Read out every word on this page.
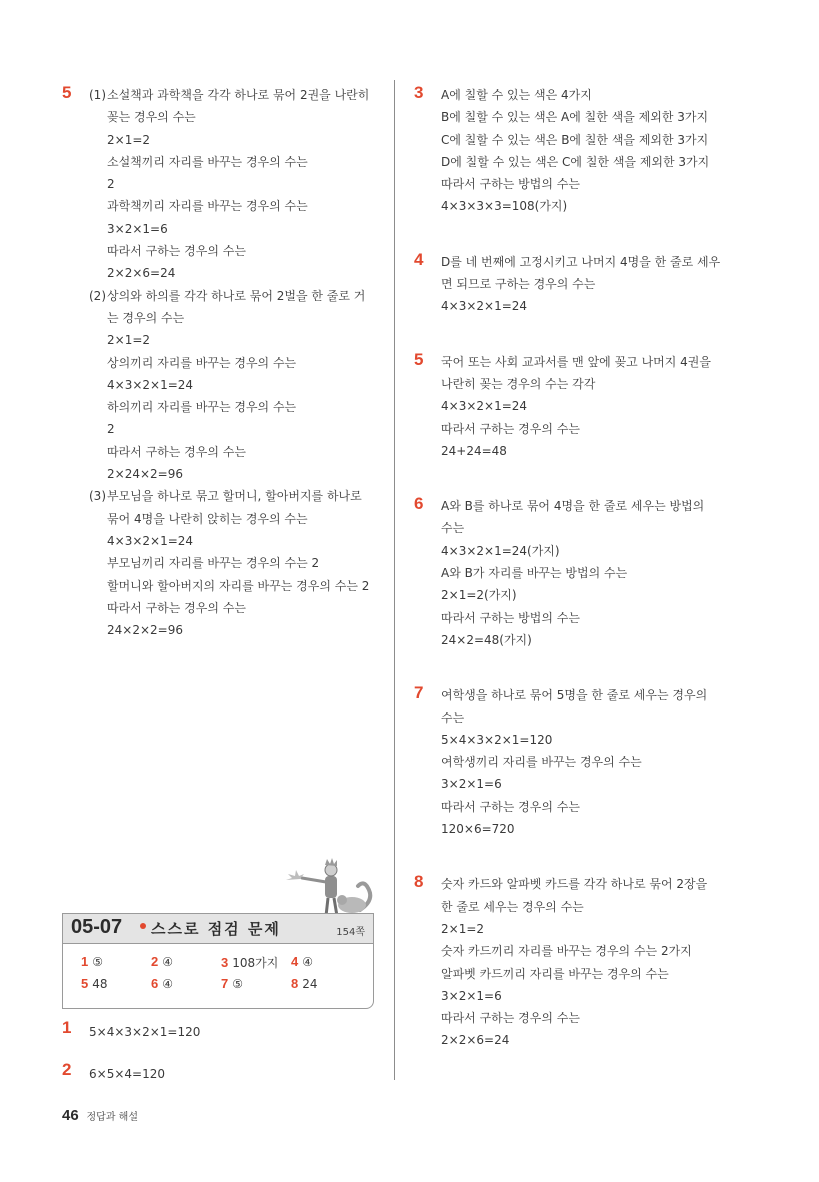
5 (1) 소설책과 과학책을 각각 하나로 묶어 2권을 나란히
꽂는 경우의 수는
2×1=2
소설책끼리 자리를 바꾸는 경우의 수는
2
과학책끼리 자리를 바꾸는 경우의 수는
3×2×1=6
따라서 구하는 경우의 수는
2×2×6=24
(2) 상의와 하의를 각각 하나로 묶어 2벌을 한 줄로 거
는 경우의 수는
2×1=2
상의끼리 자리를 바꾸는 경우의 수는
4×3×2×1=24
하의끼리 자리를 바꾸는 경우의 수는
2
따라서 구하는 경우의 수는
2×24×2=96
(3) 부모님을 하나로 묶고 할머니, 할아버지를 하나로
묶어 4명을 나란히 앉히는 경우의 수는
4×3×2×1=24
부모님끼리 자리를 바꾸는 경우의 수는 2
할머니와 할아버지의 자리를 바꾸는 경우의 수는 2
따라서 구하는 경우의 수는
24×2×2=96
05-07 스스로 점검 문제	154쪽
1 ⑤	2 ④	3 108가지 4 ④
5 48	6 ④	7 ⑤	8 24
1 5×4×3×2×1=120
2 6×5×4=120
3 A에 칠할 수 있는 색은 4가지
B에 칠할 수 있는 색은 A에 칠한 색을 제외한 3가지
C에 칠할 수 있는 색은 B에 칠한 색을 제외한 3가지
D에 칠할 수 있는 색은 C에 칠한 색을 제외한 3가지
따라서 구하는 방법의 수는
4×3×3×3=108(가지)
4 D를 네 번째에 고정시키고 나머지 4명을 한 줄로 세우
면 되므로 구하는 경우의 수는
4×3×2×1=24
5 국어 또는 사회 교과서를 맨 앞에 꽂고 나머지 4권을
나란히 꽂는 경우의 수는 각각
4×3×2×1=24
따라서 구하는 경우의 수는
24+24=48
6 A와 B를 하나로 묶어 4명을 한 줄로 세우는 방법의
수는
4×3×2×1=24(가지)
A와 B가 자리를 바꾸는 방법의 수는
2×1=2(가지)
따라서 구하는 방법의 수는
24×2=48(가지)
7 여학생을 하나로 묶어 5명을 한 줄로 세우는 경우의
수는
5×4×3×2×1=120
여학생끼리 자리를 바꾸는 경우의 수는
3×2×1=6
따라서 구하는 경우의 수는
120×6=720
8 숫자 카드와 알파벳 카드를 각각 하나로 묶어 2장을
한 줄로 세우는 경우의 수는
2×1=2
숫자 카드끼리 자리를 바꾸는 경우의 수는 2가지
알파벳 카드끼리 자리를 바꾸는 경우의 수는
3×2×1=6
따라서 구하는 경우의 수는
2×2×6=24
46 정답과 해설
